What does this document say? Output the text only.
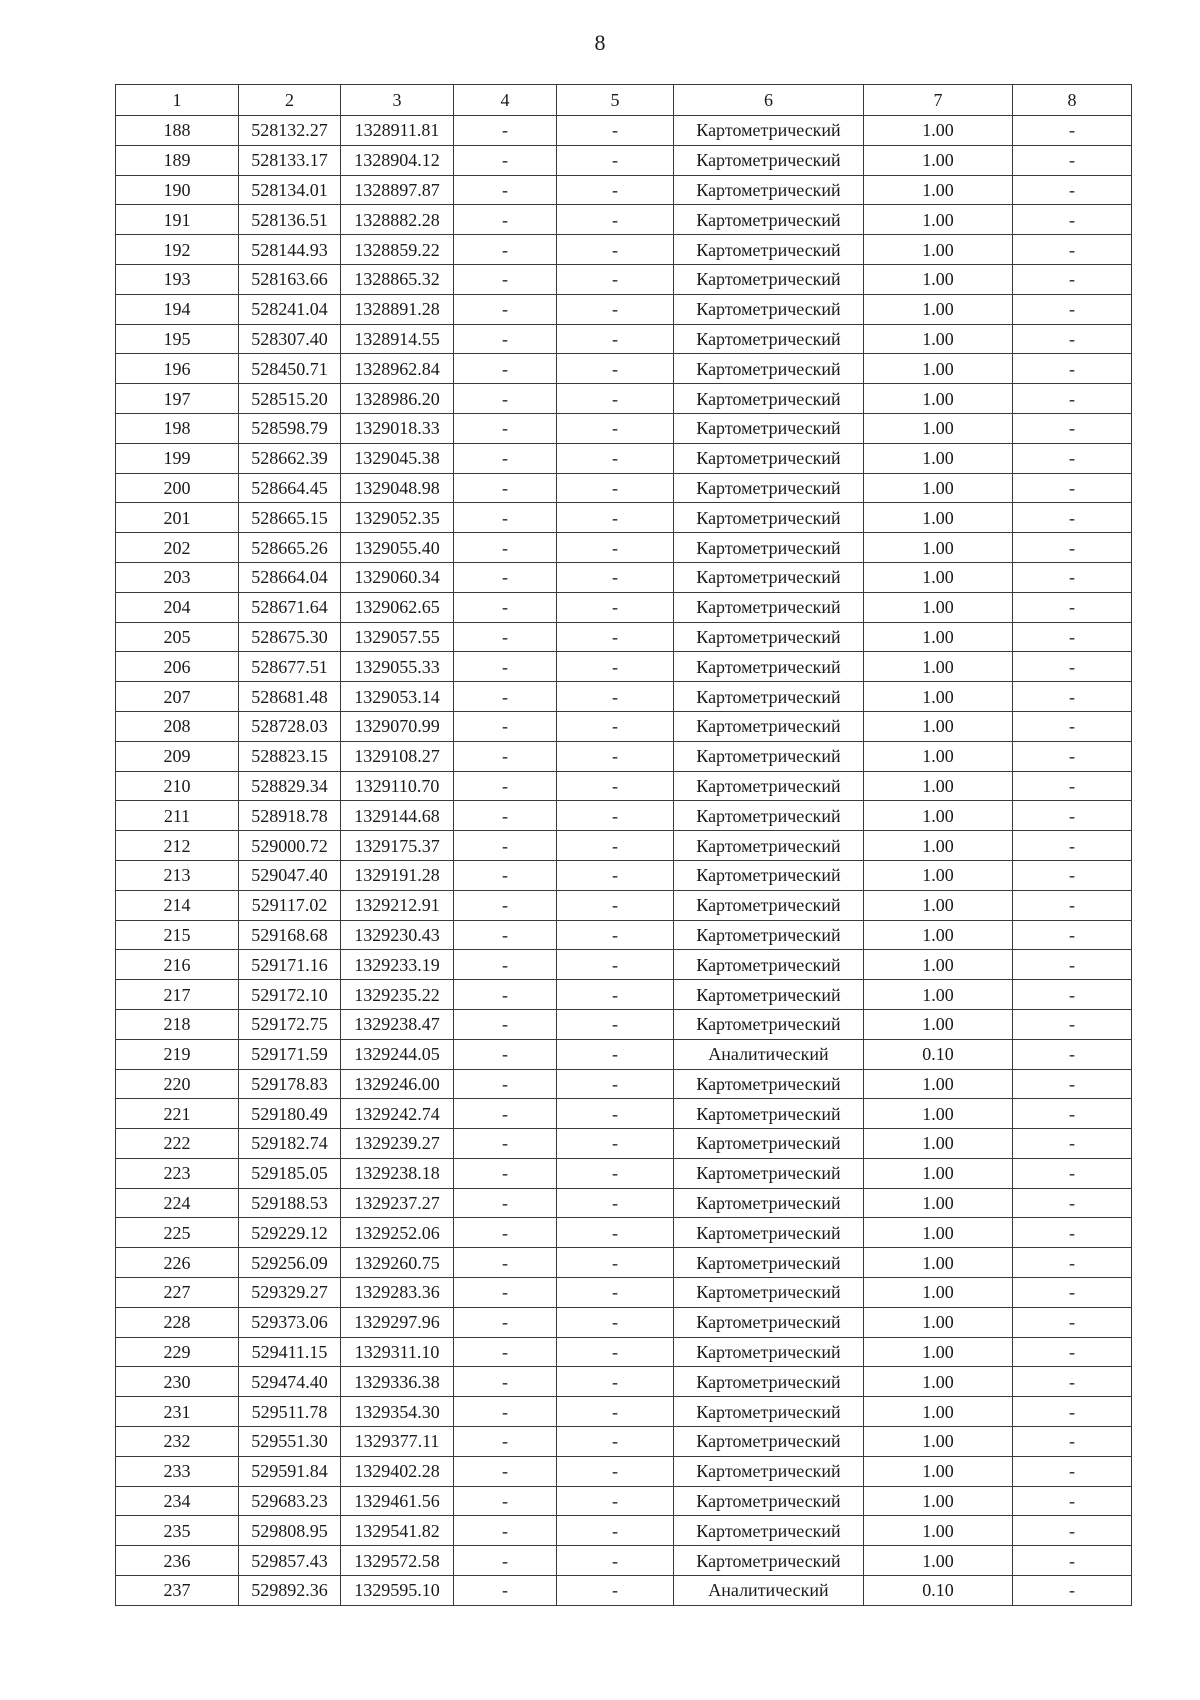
8
1	2	3	4	5	6	7	8
188	528132.27	1328911.81	-	-	Картометрический	1.00	-
189	528133.17	1328904.12	-	-	Картометрический	1.00	-
190	528134.01	1328897.87	-	-	Картометрический	1.00	-
191	528136.51	1328882.28	-	-	Картометрический	1.00	-
192	528144.93	1328859.22	-	-	Картометрический	1.00	-
193	528163.66	1328865.32	-	-	Картометрический	1.00	-
194	528241.04	1328891.28	-	-	Картометрический	1.00	-
195	528307.40	1328914.55	-	-	Картометрический	1.00	-
196	528450.71	1328962.84	-	-	Картометрический	1.00	-
197	528515.20	1328986.20	-	-	Картометрический	1.00	-
198	528598.79	1329018.33	-	-	Картометрический	1.00	-
199	528662.39	1329045.38	-	-	Картометрический	1.00	-
200	528664.45	1329048.98	-	-	Картометрический	1.00	-
201	528665.15	1329052.35	-	-	Картометрический	1.00	-
202	528665.26	1329055.40	-	-	Картометрический	1.00	-
203	528664.04	1329060.34	-	-	Картометрический	1.00	-
204	528671.64	1329062.65	-	-	Картометрический	1.00	-
205	528675.30	1329057.55	-	-	Картометрический	1.00	-
206	528677.51	1329055.33	-	-	Картометрический	1.00	-
207	528681.48	1329053.14	-	-	Картометрический	1.00	-
208	528728.03	1329070.99	-	-	Картометрический	1.00	-
209	528823.15	1329108.27	-	-	Картометрический	1.00	-
210	528829.34	1329110.70	-	-	Картометрический	1.00	-
211	528918.78	1329144.68	-	-	Картометрический	1.00	-
212	529000.72	1329175.37	-	-	Картометрический	1.00	-
213	529047.40	1329191.28	-	-	Картометрический	1.00	-
214	529117.02	1329212.91	-	-	Картометрический	1.00	-
215	529168.68	1329230.43	-	-	Картометрический	1.00	-
216	529171.16	1329233.19	-	-	Картометрический	1.00	-
217	529172.10	1329235.22	-	-	Картометрический	1.00	-
218	529172.75	1329238.47	-	-	Картометрический	1.00	-
219	529171.59	1329244.05	-	-	Аналитический	0.10	-
220	529178.83	1329246.00	-	-	Картометрический	1.00	-
221	529180.49	1329242.74	-	-	Картометрический	1.00	-
222	529182.74	1329239.27	-	-	Картометрический	1.00	-
223	529185.05	1329238.18	-	-	Картометрический	1.00	-
224	529188.53	1329237.27	-	-	Картометрический	1.00	-
225	529229.12	1329252.06	-	-	Картометрический	1.00	-
226	529256.09	1329260.75	-	-	Картометрический	1.00	-
227	529329.27	1329283.36	-	-	Картометрический	1.00	-
228	529373.06	1329297.96	-	-	Картометрический	1.00	-
229	529411.15	1329311.10	-	-	Картометрический	1.00	-
230	529474.40	1329336.38	-	-	Картометрический	1.00	-
231	529511.78	1329354.30	-	-	Картометрический	1.00	-
232	529551.30	1329377.11	-	-	Картометрический	1.00	-
233	529591.84	1329402.28	-	-	Картометрический	1.00	-
234	529683.23	1329461.56	-	-	Картометрический	1.00	-
235	529808.95	1329541.82	-	-	Картометрический	1.00	-
236	529857.43	1329572.58	-	-	Картометрический	1.00	-
237	529892.36	1329595.10	-	-	Аналитический	0.10	-
